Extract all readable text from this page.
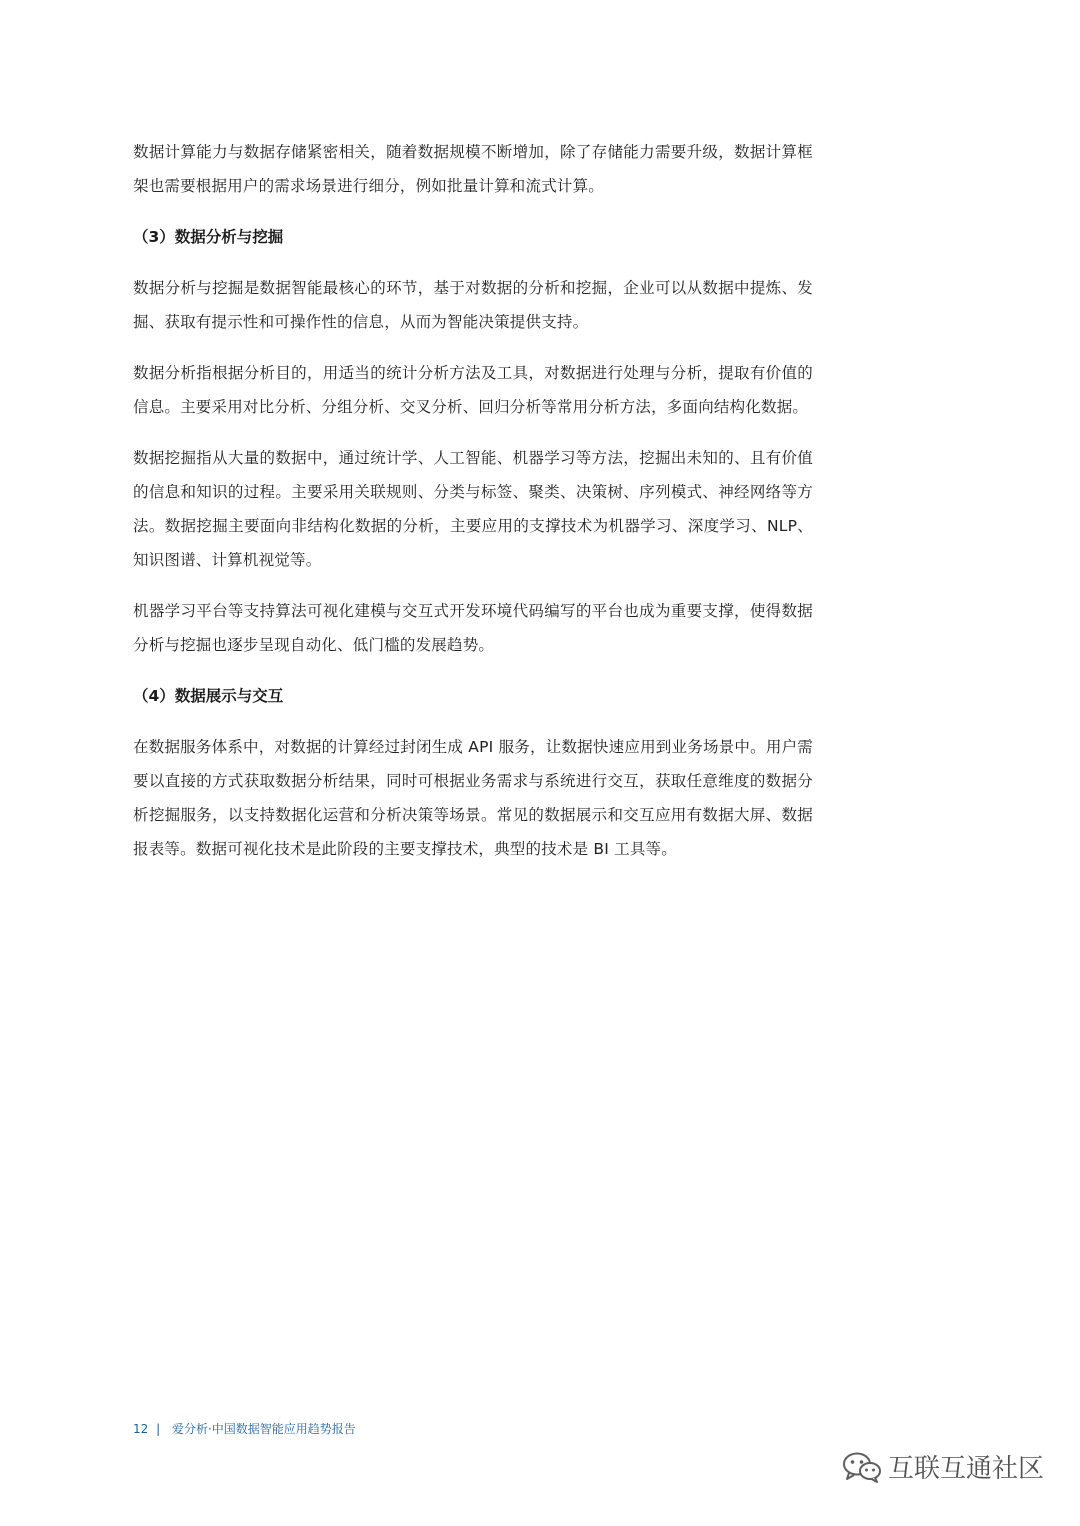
数据计算能力与数据存储紧密相关，随着数据规模不断增加，除了存储能力需要升级，数据计算框架也需要根据用户的需求场景进行细分，例如批量计算和流式计算。

（3）数据分析与挖掘

数据分析与挖掘是数据智能最核心的环节，基于对数据的分析和挖掘，企业可以从数据中提炼、发掘、获取有提示性和可操作性的信息，从而为智能决策提供支持。

数据分析指根据分析目的，用适当的统计分析方法及工具，对数据进行处理与分析，提取有价值的信息。主要采用对比分析、分组分析、交叉分析、回归分析等常用分析方法，多面向结构化数据。

数据挖掘指从大量的数据中，通过统计学、人工智能、机器学习等方法，挖掘出未知的、且有价值的信息和知识的过程。主要采用关联规则、分类与标签、聚类、决策树、序列模式、神经网络等方法。数据挖掘主要面向非结构化数据的分析，主要应用的支撑技术为机器学习、深度学习、NLP、知识图谱、计算机视觉等。

机器学习平台等支持算法可视化建模与交互式开发环境代码编写的平台也成为重要支撑，使得数据分析与挖掘也逐步呈现自动化、低门槛的发展趋势。

（4）数据展示与交互

在数据服务体系中，对数据的计算经过封闭生成 API 服务，让数据快速应用到业务场景中。用户需要以直接的方式获取数据分析结果，同时可根据业务需求与系统进行交互，获取任意维度的数据分析挖掘服务，以支持数据化运营和分析决策等场景。常见的数据展示和交互应用有数据大屏、数据报表等。数据可视化技术是此阶段的主要支撑技术，典型的技术是 BI 工具等。

12 | 爱分析·中国数据智能应用趋势报告
互联互通社区
